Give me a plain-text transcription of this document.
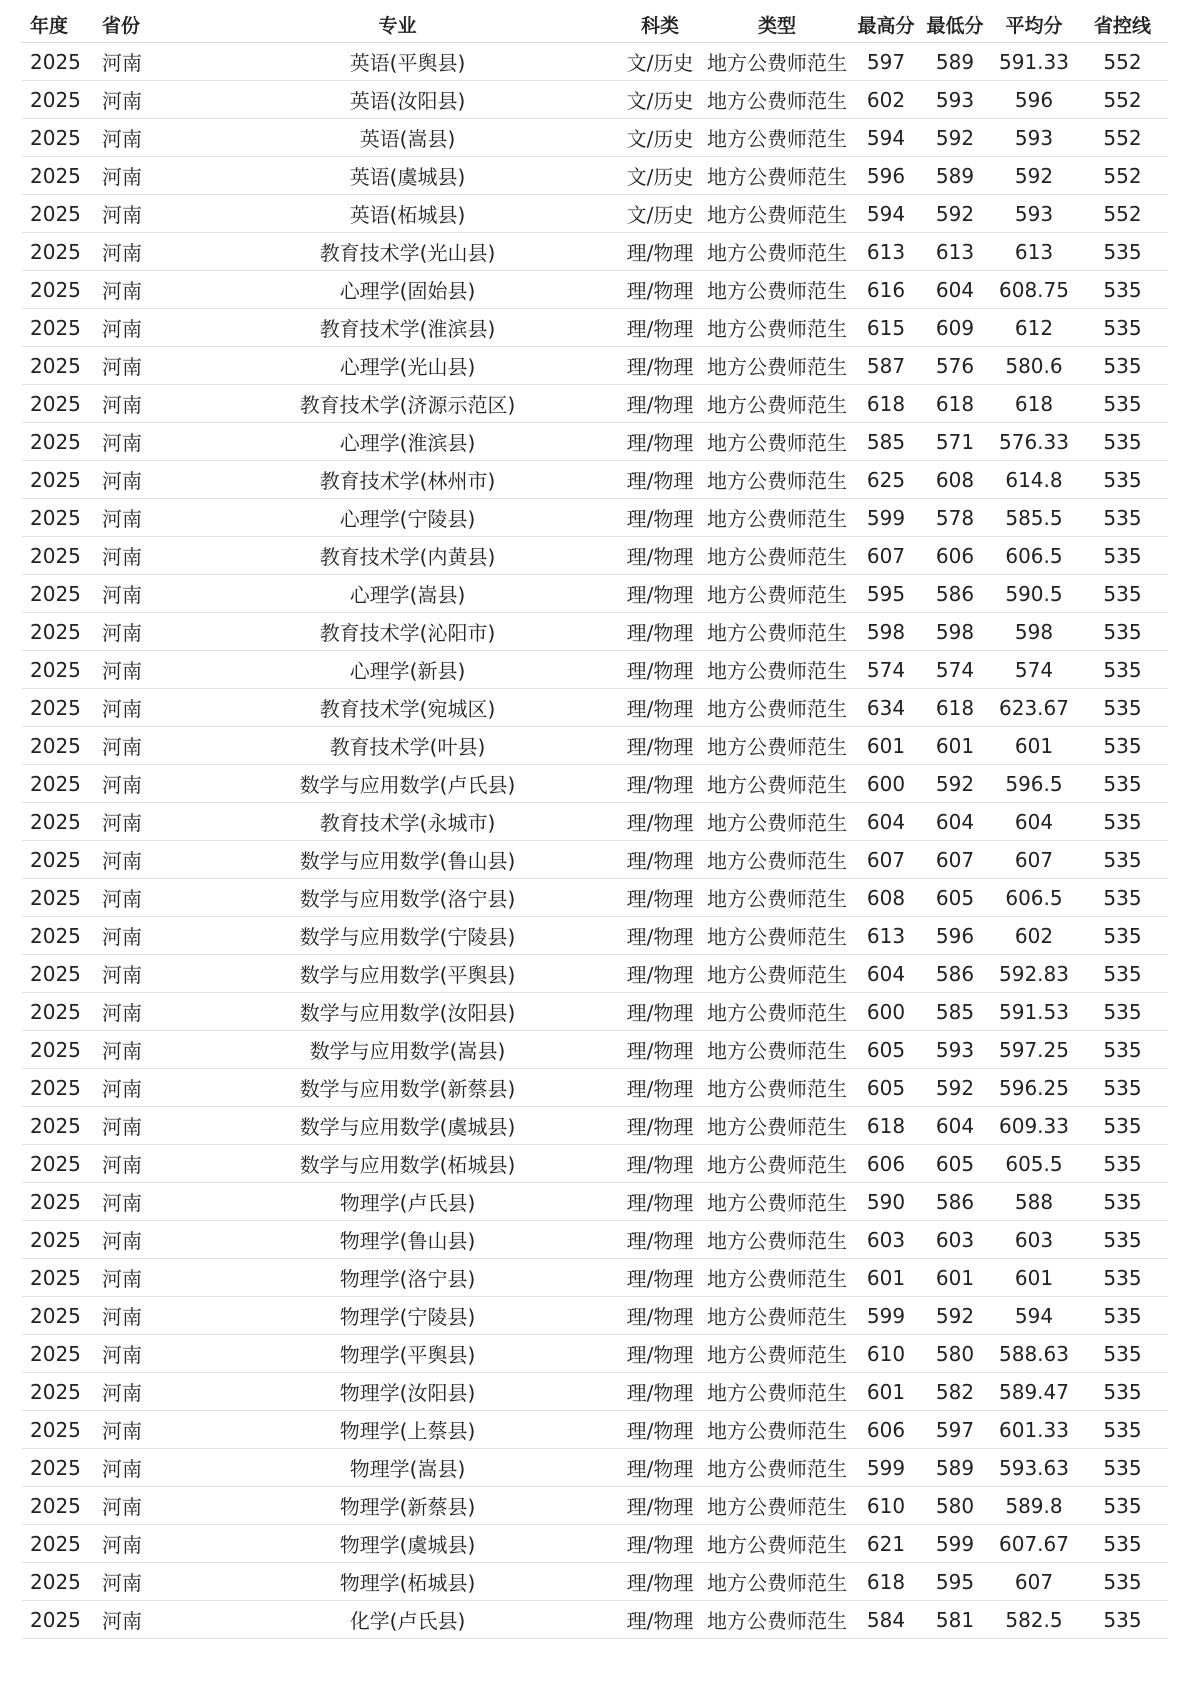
年度	省份	专业	科类	类型	最高分	最低分	平均分	省控线
2025	河南	英语(平舆县)	文/历史	地方公费师范生	597	589	591.33	552
2025	河南	英语(汝阳县)	文/历史	地方公费师范生	602	593	596	552
2025	河南	英语(嵩县)	文/历史	地方公费师范生	594	592	593	552
2025	河南	英语(虞城县)	文/历史	地方公费师范生	596	589	592	552
2025	河南	英语(柘城县)	文/历史	地方公费师范生	594	592	593	552
2025	河南	教育技术学(光山县)	理/物理	地方公费师范生	613	613	613	535
2025	河南	心理学(固始县)	理/物理	地方公费师范生	616	604	608.75	535
2025	河南	教育技术学(淮滨县)	理/物理	地方公费师范生	615	609	612	535
2025	河南	心理学(光山县)	理/物理	地方公费师范生	587	576	580.6	535
2025	河南	教育技术学(济源示范区)	理/物理	地方公费师范生	618	618	618	535
2025	河南	心理学(淮滨县)	理/物理	地方公费师范生	585	571	576.33	535
2025	河南	教育技术学(林州市)	理/物理	地方公费师范生	625	608	614.8	535
2025	河南	心理学(宁陵县)	理/物理	地方公费师范生	599	578	585.5	535
2025	河南	教育技术学(内黄县)	理/物理	地方公费师范生	607	606	606.5	535
2025	河南	心理学(嵩县)	理/物理	地方公费师范生	595	586	590.5	535
2025	河南	教育技术学(沁阳市)	理/物理	地方公费师范生	598	598	598	535
2025	河南	心理学(新县)	理/物理	地方公费师范生	574	574	574	535
2025	河南	教育技术学(宛城区)	理/物理	地方公费师范生	634	618	623.67	535
2025	河南	教育技术学(叶县)	理/物理	地方公费师范生	601	601	601	535
2025	河南	数学与应用数学(卢氏县)	理/物理	地方公费师范生	600	592	596.5	535
2025	河南	教育技术学(永城市)	理/物理	地方公费师范生	604	604	604	535
2025	河南	数学与应用数学(鲁山县)	理/物理	地方公费师范生	607	607	607	535
2025	河南	数学与应用数学(洛宁县)	理/物理	地方公费师范生	608	605	606.5	535
2025	河南	数学与应用数学(宁陵县)	理/物理	地方公费师范生	613	596	602	535
2025	河南	数学与应用数学(平舆县)	理/物理	地方公费师范生	604	586	592.83	535
2025	河南	数学与应用数学(汝阳县)	理/物理	地方公费师范生	600	585	591.53	535
2025	河南	数学与应用数学(嵩县)	理/物理	地方公费师范生	605	593	597.25	535
2025	河南	数学与应用数学(新蔡县)	理/物理	地方公费师范生	605	592	596.25	535
2025	河南	数学与应用数学(虞城县)	理/物理	地方公费师范生	618	604	609.33	535
2025	河南	数学与应用数学(柘城县)	理/物理	地方公费师范生	606	605	605.5	535
2025	河南	物理学(卢氏县)	理/物理	地方公费师范生	590	586	588	535
2025	河南	物理学(鲁山县)	理/物理	地方公费师范生	603	603	603	535
2025	河南	物理学(洛宁县)	理/物理	地方公费师范生	601	601	601	535
2025	河南	物理学(宁陵县)	理/物理	地方公费师范生	599	592	594	535
2025	河南	物理学(平舆县)	理/物理	地方公费师范生	610	580	588.63	535
2025	河南	物理学(汝阳县)	理/物理	地方公费师范生	601	582	589.47	535
2025	河南	物理学(上蔡县)	理/物理	地方公费师范生	606	597	601.33	535
2025	河南	物理学(嵩县)	理/物理	地方公费师范生	599	589	593.63	535
2025	河南	物理学(新蔡县)	理/物理	地方公费师范生	610	580	589.8	535
2025	河南	物理学(虞城县)	理/物理	地方公费师范生	621	599	607.67	535
2025	河南	物理学(柘城县)	理/物理	地方公费师范生	618	595	607	535
2025	河南	化学(卢氏县)	理/物理	地方公费师范生	584	581	582.5	535
